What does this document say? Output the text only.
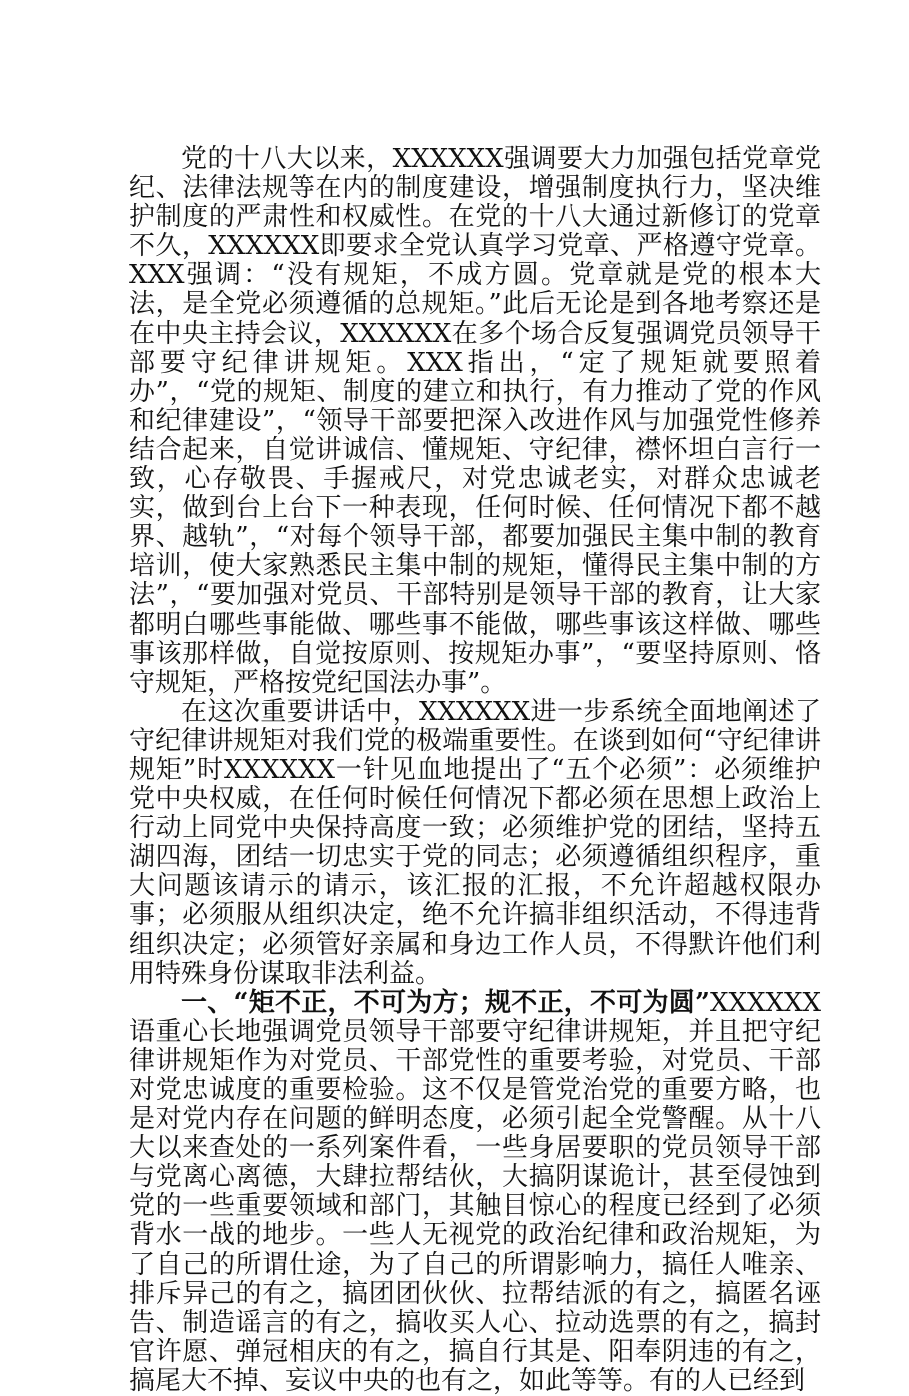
党的十八大以来，XXXXXX强调要大力加强包括党章党纪、法律法规等在内的制度建设，增强制度执行力，坚决维护制度的严肃性和权威性。在党的十八大通过新修订的党章不久，XXXXXX即要求全党认真学习党章、严格遵守党章。XXX强调：“没有规矩，不成方圆。党章就是党的根本大法，是全党必须遵循的总规矩。”此后无论是到各地考察还是在中央主持会议，XXXXXX在多个场合反复强调党员领导干部要守纪律讲规矩。XXX指出，“定了规矩就要照着办”，“党的规矩、制度的建立和执行，有力推动了党的作风和纪律建设”，“领导干部要把深入改进作风与加强党性修养结合起来，自觉讲诚信、懂规矩、守纪律，襟怀坦白言行一致，心存敬畏、手握戒尺，对党忠诚老实，对群众忠诚老实，做到台上台下一种表现，任何时候、任何情况下都不越界、越轨”，“对每个领导干部，都要加强民主集中制的教育培训，使大家熟悉民主集中制的规矩，懂得民主集中制的方法”，“要加强对党员、干部特别是领导干部的教育，让大家都明白哪些事能做、哪些事不能做，哪些事该这样做、哪些事该那样做，自觉按原则、按规矩办事”，“要坚持原则、恪守规矩，严格按党纪国法办事”。

在这次重要讲话中，XXXXXX进一步系统全面地阐述了守纪律讲规矩对我们党的极端重要性。在谈到如何“守纪律讲规矩”时XXXXXX一针见血地提出了“五个必须”：必须维护党中央权威，在任何时候任何情况下都必须在思想上政治上行动上同党中央保持高度一致；必须维护党的团结，坚持五湖四海，团结一切忠实于党的同志；必须遵循组织程序，重大问题该请示的请示，该汇报的汇报，不允许超越权限办事；必须服从组织决定，绝不允许搞非组织活动，不得违背组织决定；必须管好亲属和身边工作人员，不得默许他们利用特殊身份谋取非法利益。

一、“矩不正，不可为方；规不正，不可为圆”XXXXXX语重心长地强调党员领导干部要守纪律讲规矩，并且把守纪律讲规矩作为对党员、干部党性的重要考验，对党员、干部对党忠诚度的重要检验。这不仅是管党治党的重要方略，也是对党内存在问题的鲜明态度，必须引起全党警醒。从十八大以来查处的一系列案件看，一些身居要职的党员领导干部与党离心离德，大肆拉帮结伙，大搞阴谋诡计，甚至侵蚀到党的一些重要领域和部门，其触目惊心的程度已经到了必须背水一战的地步。一些人无视党的政治纪律和政治规矩，为了自己的所谓仕途，为了自己的所谓影响力，搞任人唯亲、排斥异己的有之，搞团团伙伙、拉帮结派的有之，搞匿名诬告、制造谣言的有之，搞收买人心、拉动选票的有之，搞封官许愿、弹冠相庆的有之，搞自行其是、阳奉阴违的有之，搞尾大不掉、妄议中央的也有之，如此等等。有的人已经到
